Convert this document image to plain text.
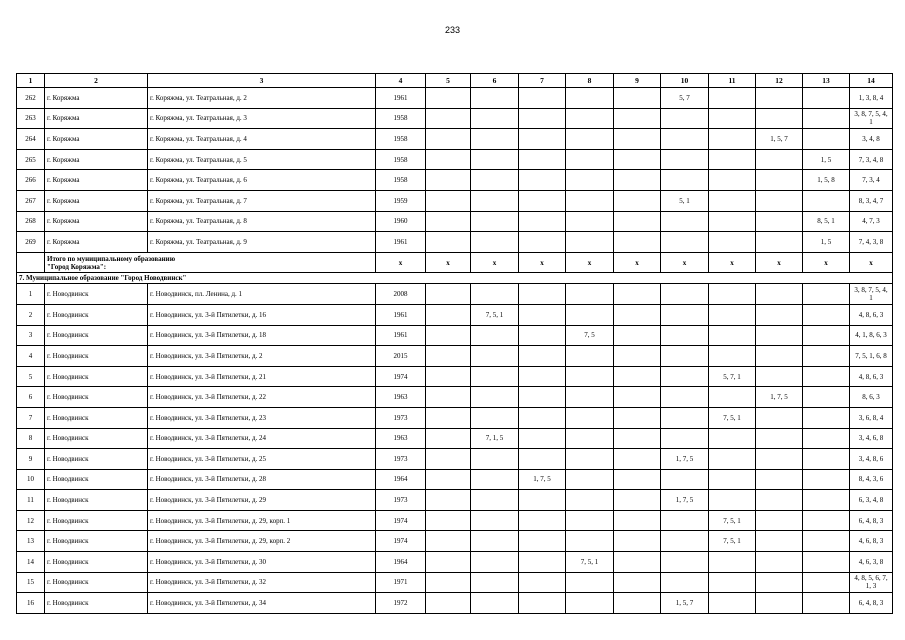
233
1	2	3	4	5	6	7	8	9	10	11	12	13	14
262	г. Коряжма	г. Коряжма, ул. Театральная, д. 2	1961						5, 7				1, 3, 8, 4
263	г. Коряжма	г. Коряжма, ул. Театральная, д. 3	1958										3, 8, 7, 5, 4, 1
264	г. Коряжма	г. Коряжма, ул. Театральная, д. 4	1958								1, 5, 7		3, 4, 8
265	г. Коряжма	г. Коряжма, ул. Театральная, д. 5	1958									1, 5	7, 3, 4, 8
266	г. Коряжма	г. Коряжма, ул. Театральная, д. 6	1958									1, 5, 8	7, 3, 4
267	г. Коряжма	г. Коряжма, ул. Театральная, д. 7	1959						5, 1				8, 3, 4, 7
268	г. Коряжма	г. Коряжма, ул. Театральная, д. 8	1960									8, 5, 1	4, 7, 3
269	г. Коряжма	г. Коряжма, ул. Театральная, д. 9	1961									1, 5	7, 4, 3, 8

	Итого по муниципальному образованию
"Город Коряжма":		x	x	x	x	x	x	x	x	x	x	x
7. Муниципальное образование "Город Новодвинск"													
1	г. Новодвинск	г. Новодвинск, пл. Ленина, д. 1	2008										3, 8, 7, 5, 4, 1
2	г. Новодвинск	г. Новодвинск, ул. 3-й Пятилетки, д. 16	1961		7, 5, 1								4, 8, 6, 3
3	г. Новодвинск	г. Новодвинск, ул. 3-й Пятилетки, д. 18	1961				7, 5						4, 1, 8, 6, 3
4	г. Новодвинск	г. Новодвинск, ул. 3-й Пятилетки, д. 2	2015										7, 5, 1, 6, 8
5	г. Новодвинск	г. Новодвинск, ул. 3-й Пятилетки, д. 21	1974							5, 7, 1			4, 8, 6, 3
6	г. Новодвинск	г. Новодвинск, ул. 3-й Пятилетки, д. 22	1963								1, 7, 5		8, 6, 3
7	г. Новодвинск	г. Новодвинск, ул. 3-й Пятилетки, д. 23	1973							7, 5, 1			3, 6, 8, 4
8	г. Новодвинск	г. Новодвинск, ул. 3-й Пятилетки, д. 24	1963		7, 1, 5								3, 4, 6, 8
9	г. Новодвинск	г. Новодвинск, ул. 3-й Пятилетки, д. 25	1973						1, 7, 5				3, 4, 8, 6
10	г. Новодвинск	г. Новодвинск, ул. 3-й Пятилетки, д. 28	1964			1, 7, 5							8, 4, 3, 6
11	г. Новодвинск	г. Новодвинск, ул. 3-й Пятилетки, д. 29	1973						1, 7, 5				6, 3, 4, 8
12	г. Новодвинск	г. Новодвинск, ул. 3-й Пятилетки, д. 29, корп. 1	1974							7, 5, 1			6, 4, 8, 3
13	г. Новодвинск	г. Новодвинск, ул. 3-й Пятилетки, д. 29, корп. 2	1974							7, 5, 1			4, 6, 8, 3
14	г. Новодвинск	г. Новодвинск, ул. 3-й Пятилетки, д. 30	1964				7, 5, 1						4, 6, 3, 8
15	г. Новодвинск	г. Новодвинск, ул. 3-й Пятилетки, д. 32	1971										4, 8, 5, 6, 7, 1, 3
16	г. Новодвинск	г. Новодвинск, ул. 3-й Пятилетки, д. 34	1972						1, 5, 7				6, 4, 8, 3
